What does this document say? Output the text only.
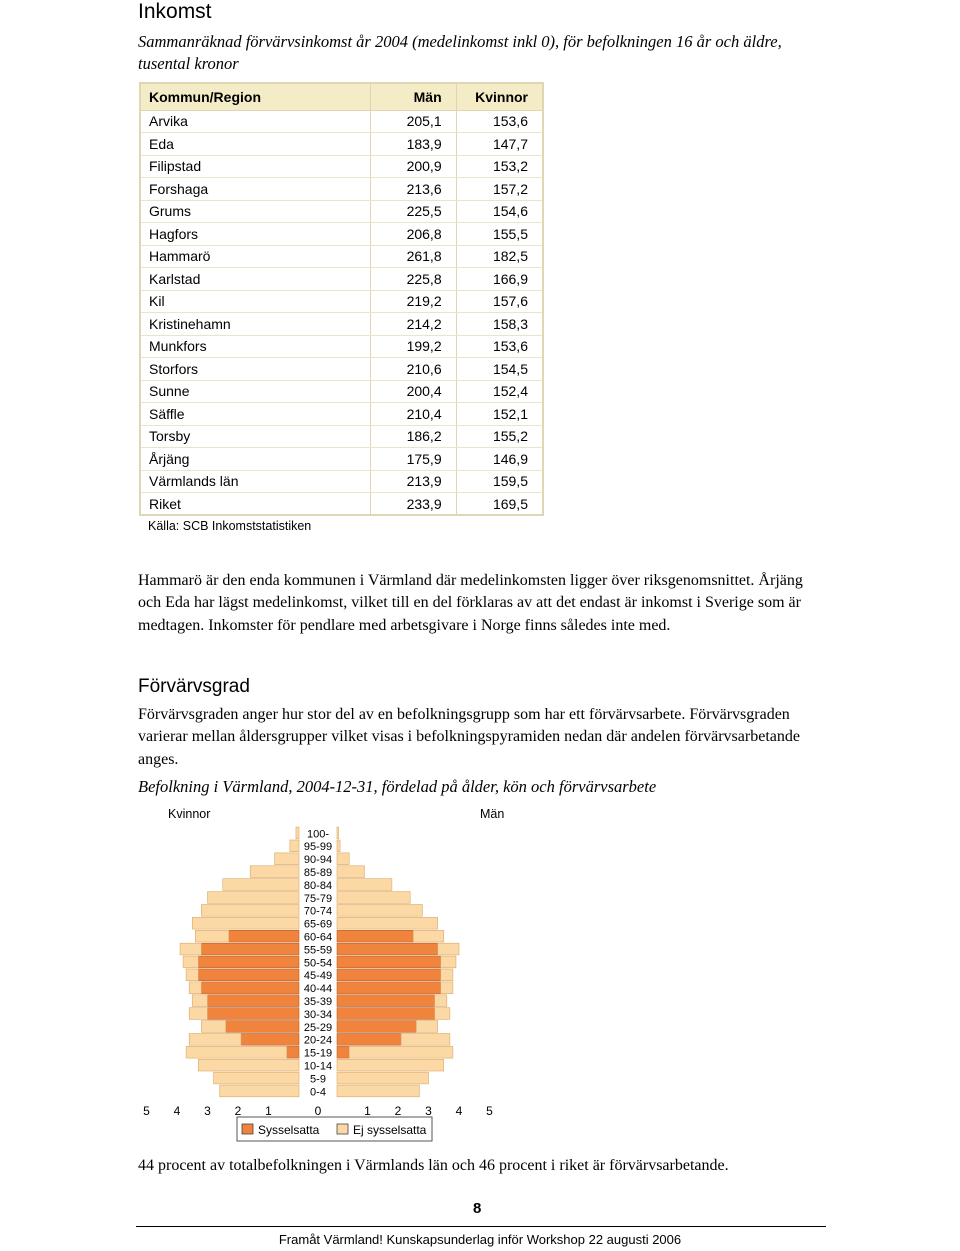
Inkomst
Sammanräknad förvärvsinkomst år 2004 (medelinkomst inkl 0), för befolkningen 16 år och äldre, tusental kronor
Kommun/Region	Män	Kvinnor
Arvika	205,1	153,6
Eda	183,9	147,7
Filipstad	200,9	153,2
Forshaga	213,6	157,2
Grums	225,5	154,6
Hagfors	206,8	155,5
Hammarö	261,8	182,5
Karlstad	225,8	166,9
Kil	219,2	157,6
Kristinehamn	214,2	158,3
Munkfors	199,2	153,6
Storfors	210,6	154,5
Sunne	200,4	152,4
Säffle	210,4	152,1
Torsby	186,2	155,2
Årjäng	175,9	146,9
Värmlands län	213,9	159,5
Riket	233,9	169,5
Källa: SCB Inkomststatistiken
Hammarö är den enda kommunen i Värmland där medelinkomsten ligger över riksgenomsnittet. Årjäng och Eda har lägst medelinkomst, vilket till en del förklaras av att det endast är inkomst i Sverige som är medtagen. Inkomster för pendlare med arbetsgivare i Norge finns således inte med.
Förvärvsgrad
Förvärvsgraden anger hur stor del av en befolkningsgrupp som har ett förvärvsarbete. Förvärvsgraden varierar mellan åldersgrupper vilket visas i befolkningspyramiden nedan där andelen förvärvsarbetande anges.
Befolkning i Värmland, 2004-12-31, fördelad på ålder, kön och förvärvsarbete
0-4
5-9
10-14
15-19
20-24
25-29
30-34
35-39
40-44
45-49
50-54
55-59
60-64
65-69
70-74
75-79
80-84
85-89
90-94
95-99
100-
5 4 3 2 1	0	1 2 3 4 5
Kvinnor	Män
Sysselsatta	Ej sysselsatta
44 procent av totalbefolkningen i Värmlands län och 46 procent i riket är förvärvsarbetande.
8
Framåt Värmland! Kunskapsunderlag inför Workshop 22 augusti 2006
